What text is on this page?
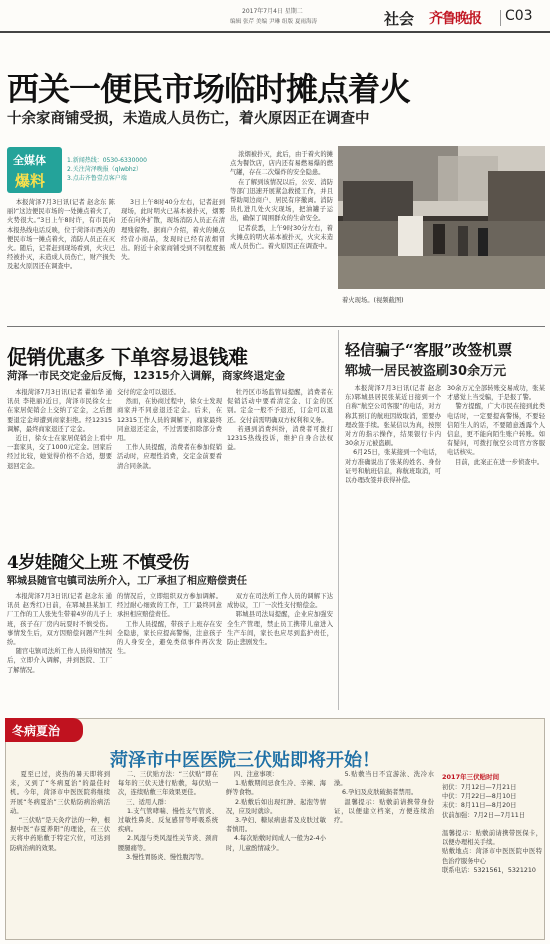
2017年7月4日 星期二
编辑 张芹 美编 尹琳 组版 夏雨海涛	社会 齐鲁晚报 C03
西关一便民市场临时摊点着火
十余家商铺受损，未造成人员伤亡，着火原因正在调查中
全媒体
爆料
1.新闻热线：0530-6330000
2.关注菏泽晚报（qlwbhz）
3.点击齐鲁壹点客户端
本报菏泽7月3日讯(记者 赵念东 陈丽)“这边便民市场的一处摊点着火了，火势很大。”3日上午8时许，有市民向本报热线电话反映，位于菏泽市西关的便民市场一摊点着火，消防人员正在灭火。随后，记者赶到现场看到，火灾已经被扑灭，未造成人员伤亡，财产损失及起火原因还在调查中。
3日上午8时40分左右，记者赶到现场，此时明火已基本被扑灭，烟雾还在向外扩散，现场消防人员正在清理残留物。据商户介绍，着火的摊点经营小商品，发现时已经有浓烟冒出。附近十余家商铺受到不同程度损失。
浓烟被扑灭，此后，由于着火的摊点为餐饮店，店内还有易燃易爆的燃气罐，存在二次爆炸的安全隐患。
在了解到该情况以后，公安、消防等部门迅速开展紧急救援工作，并且帮助周边商户、居民有序撤离。消防员扎进几处火灾现场，把油罐子运出，确保了周围群众的生命安全。
记者获悉，上午9时30分左右，着火摊点的明火基本被扑灭，火灾未造成人员伤亡。着火原因正在调查中。
着火现场。(视频截图)
促销优惠多 下单容易退钱难
菏泽一市民交定金后反悔，12315介入调解，商家终退定金
本报菏泽7月3日讯(记者 翟如华 通讯员 李艳丽)近日，菏泽市民徐女士在家居促销会上交纳了定金，之后想要退定金却遭到商家拒绝。经12315调解，最终商家退还了定金。
近日，徐女士在家居促销会上看中一套家具，交了1000元定金。回家后经过比较，她觉得价格不合适，想要退回定金。
交付的定金可以退还。
然而，在协商过程中，徐女士发现商家并不同意退还定金。后来，在12315工作人员的调解下，商家最终同意退还定金，不过需要扣除部分费用。
工作人员提醒，消费者在参加促销活动时，应理性消费，交定金前要看清合同条款。
牡丹区市场监管局提醒，消费者在促销活动中要看清定金、订金的区别。定金一般不予退还，订金可以退还。交付前需明确双方权利和义务。
若遇到消费纠纷，消费者可拨打12315热线投诉，维护自身合法权益。
轻信骗子“客服”改签机票
郓城一居民被盗刷30余万元
本报菏泽7月3日讯(记者 赵念东)郓城县居民张某近日接到一个自称“航空公司客服”的电话，对方称其预订的航班因故取消，需要办理改签手续。张某信以为真，按照对方的指示操作，结果银行卡内30余万元被盗刷。
6月25日，张某接到一个电话，对方准确说出了张某的姓名、身份证号和航班信息，称航班取消，可以办理改签并获得补偿。
30余万元全部转账交易成功，张某才感觉上当受骗，于是报了警。
警方提醒，广大市民在接到此类电话时，一定要提高警惕，不要轻信陌生人的话，不要随意透露个人信息，更不能向陌生账户转账。如有疑问，可拨打航空公司官方客服电话核实。
目前，此案正在进一步侦查中。
4岁娃随父上班 不慎受伤
郓城县随官屯镇司法所介入，工厂承担了相应赔偿责任
本报菏泽7月3日讯(记者 赵念东 通讯员 赵秀红)日前，在郓城县某加工厂工作的工人张先生带着4岁的儿子上班，孩子在厂房内玩耍时不慎受伤。事情发生后，双方因赔偿问题产生纠纷。
随官屯镇司法所工作人员得知情况后，立即介入调解，并到医院、工厂了解情况。
的情况后，立即组织双方参加调解。经过耐心细致的工作，工厂最终同意承担相应赔偿责任。
工作人员提醒，带孩子上班存在安全隐患，家长应提高警惕，注意孩子的人身安全，避免类似事件再次发生。
双方在司法所工作人员的调解下达成协议，工厂一次性支付赔偿金。
郓城县司法局提醒，企业应加强安全生产管理，禁止员工携带儿童进入生产车间，家长也应尽到监护责任，防止悲剧发生。
冬病夏治
菏泽市中医医院三伏贴即将开始！
夏至已过，炎热的暑天即将到来，又到了“冬病夏治”的最佳时机。今年，菏泽市中医医院将继续开展“冬病夏治”三伏贴防病治病活动。
“三伏贴”是天灸疗法的一种，根据中医“春夏养阳”的理论，在三伏天将中药贴敷于特定穴位，可达到防病治病的效果。
二、三伏贴方法：“三伏贴”即在每年的三伏天进行贴敷，每伏贴一次，连续贴敷三年效果更佳。
三、适用人群：
1.支气管哮喘、慢性支气管炎、过敏性鼻炎、反复感冒等呼吸系统疾病。
2.风湿与类风湿性关节炎、颈肩腰腿痛等。
3.慢性胃肠炎、慢性腹泻等。
四、注意事项：
1.贴敷期间忌食生冷、辛辣、海鲜等食物。
2.贴敷后如出现红肿、起泡等情况，应及时就诊。
3.孕妇、糖尿病患者及皮肤过敏者慎用。
4.每次贴敷时间成人一般为2-4小时，儿童酌情减少。
5.贴敷当日不宜游泳、洗冷水澡。
6.孕妇及皮肤破损者禁用。
温馨提示：贴敷前请携带身份证，以便建立档案，方便连续治疗。
2017年三伏贴时间
初伏：7月12日—7月21日
中伏：7月22日—8月10日
末伏：8月11日—8月20日
伏前加强：7月2日—7月11日

温馨提示：贴敷前请携带医保卡，以便办理相关手续。
贴敷地点：菏泽市中医医院中医特色治疗服务中心
联系电话：5321561，5321210
